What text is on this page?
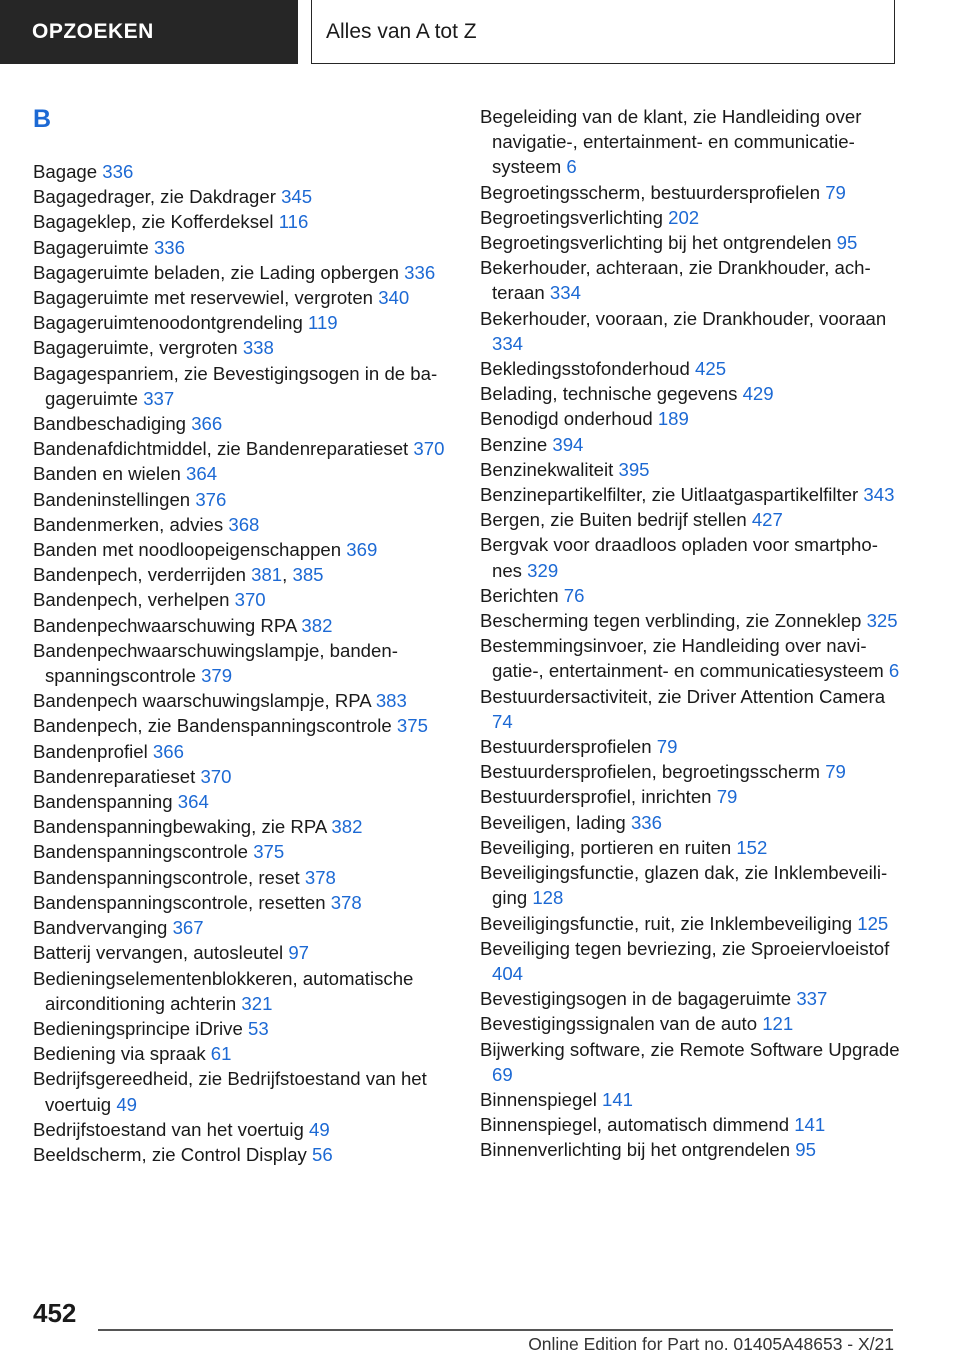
OPZOEKEN	Alles van A tot Z
B
Bagage 336
Bagagedrager, zie Dakdrager 345
Bagageklep, zie Kofferdeksel 116
Bagageruimte 336
Bagageruimte beladen, zie Lading opbergen 336
Bagageruimte met reservewiel, vergroten 340
Bagageruimtenoodontgrendeling 119
Bagageruimte, vergroten 338
Bagagespanriem, zie Bevestigingsogen in de bagageruimte 337
Bandbeschadiging 366
Bandenafdichtmiddel, zie Bandenreparatieset 370
Banden en wielen 364
Bandeninstellingen 376
Bandenmerken, advies 368
Banden met noodloopeigenschappen 369
Bandenpech, verderrijden 381, 385
Bandenpech, verhelpen 370
Bandenpechwaarschuwing RPA 382
Bandenpechwaarschuwingslampje, bandenspanningscontrole 379
Bandenpech waarschuwingslampje, RPA 383
Bandenpech, zie Bandenspanningscontrole 375
Bandenprofiel 366
Bandenreparatieset 370
Bandenspanning 364
Bandenspanningbewaking, zie RPA 382
Bandenspanningscontrole 375
Bandenspanningscontrole, reset 378
Bandenspanningscontrole, resetten 378
Bandvervanging 367
Batterij vervangen, autosleutel 97
Bedieningselementenblokkeren, automatische airconditioning achterin 321
Bedieningsprincipe iDrive 53
Bediening via spraak 61
Bedrijfsgereedheid, zie Bedrijfstoestand van het voertuig 49
Bedrijfstoestand van het voertuig 49
Beeldscherm, zie Control Display 56
Begeleiding van de klant, zie Handleiding over navigatie-, entertainment- en communicatiesysteem 6
Begroetingsscherm, bestuurdersprofielen 79
Begroetingsverlichting 202
Begroetingsverlichting bij het ontgrendelen 95
Bekerhouder, achteraan, zie Drankhouder, achteraan 334
Bekerhouder, vooraan, zie Drankhouder, vooraan 334
Bekledingsstofonderhoud 425
Belading, technische gegevens 429
Benodigd onderhoud 189
Benzine 394
Benzinekwaliteit 395
Benzinepartikelfilter, zie Uitlaatgaspartikelfilter 343
Bergen, zie Buiten bedrijf stellen 427
Bergvak voor draadloos opladen voor smartphones 329
Berichten 76
Bescherming tegen verblinding, zie Zonneklep 325
Bestemmingsinvoer, zie Handleiding over navigatie-, entertainment- en communicatiesysteem 6
Bestuurdersactiviteit, zie Driver Attention Camera 74
Bestuurdersprofielen 79
Bestuurdersprofielen, begroetingsscherm 79
Bestuurdersprofiel, inrichten 79
Beveiligen, lading 336
Beveiliging, portieren en ruiten 152
Beveiligingsfunctie, glazen dak, zie Inklembeveiliging 128
Beveiligingsfunctie, ruit, zie Inklembeveiliging 125
Beveiliging tegen bevriezing, zie Sproeiervloeistof 404
Bevestigingsogen in de bagageruimte 337
Bevestigingssignalen van de auto 121
Bijwerking software, zie Remote Software Upgrade 69
Binnenspiegel 141
Binnenspiegel, automatisch dimmend 141
Binnenverlichting bij het ontgrendelen 95
452
Online Edition for Part no. 01405A48653 - X/21
